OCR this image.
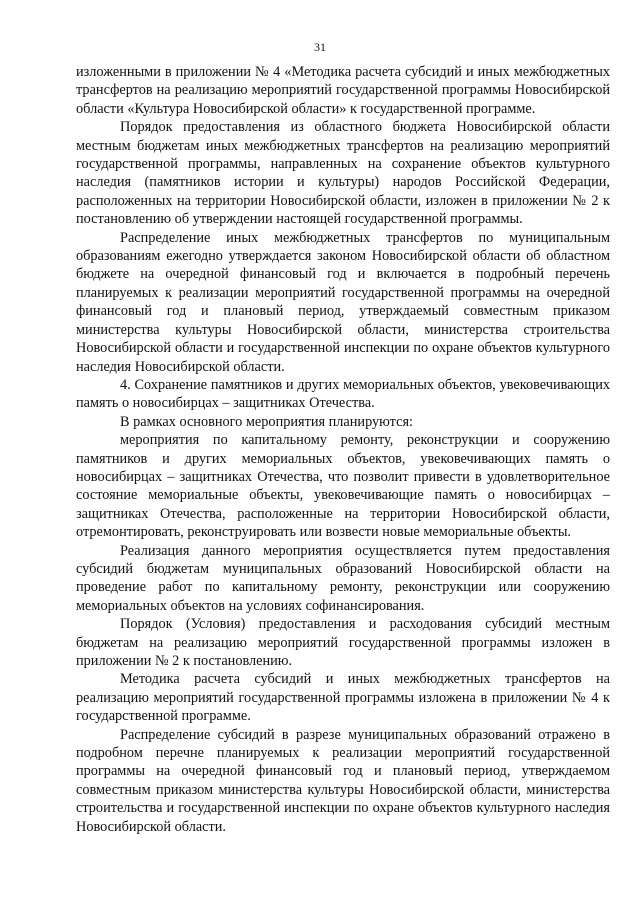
31

изложенными в приложении № 4 «Методика расчета субсидий и иных межбюджетных трансфертов на реализацию мероприятий государственной программы Новосибирской области «Культура Новосибирской области» к государственной программе.

Порядок предоставления из областного бюджета Новосибирской области местным бюджетам иных межбюджетных трансфертов на реализацию мероприятий государственной программы, направленных на сохранение объектов культурного наследия (памятников истории и культуры) народов Российской Федерации, расположенных на территории Новосибирской области, изложен в приложении № 2 к постановлению об утверждении настоящей государственной программы.

Распределение иных межбюджетных трансфертов по муниципальным образованиям ежегодно утверждается законом Новосибирской области об областном бюджете на очередной финансовый год и включается в подробный перечень планируемых к реализации мероприятий государственной программы на очередной финансовый год и плановый период, утверждаемый совместным приказом министерства культуры Новосибирской области, министерства строительства Новосибирской области и государственной инспекции по охране объектов культурного наследия Новосибирской области.

4. Сохранение памятников и других мемориальных объектов, увековечивающих память о новосибирцах – защитниках Отечества.

В рамках основного мероприятия планируются:

мероприятия по капитальному ремонту, реконструкции и сооружению памятников и других мемориальных объектов, увековечивающих память о новосибирцах – защитниках Отечества, что позволит привести в удовлетворительное состояние мемориальные объекты, увековечивающие память о новосибирцах – защитниках Отечества, расположенные на территории Новосибирской области, отремонтировать, реконструировать или возвести новые мемориальные объекты.

Реализация данного мероприятия осуществляется путем предоставления субсидий бюджетам муниципальных образований Новосибирской области на проведение работ по капитальному ремонту, реконструкции или сооружению мемориальных объектов на условиях софинансирования.

Порядок (Условия) предоставления и расходования субсидий местным бюджетам на реализацию мероприятий государственной программы изложен в приложении № 2 к постановлению.

Методика расчета субсидий и иных межбюджетных трансфертов на реализацию мероприятий государственной программы изложена в приложении № 4 к государственной программе.

Распределение субсидий в разрезе муниципальных образований отражено в подробном перечне планируемых к реализации мероприятий государственной программы на очередной финансовый год и плановый период, утверждаемом совместным приказом министерства культуры Новосибирской области, министерства строительства и государственной инспекции по охране объектов культурного наследия Новосибирской области.
